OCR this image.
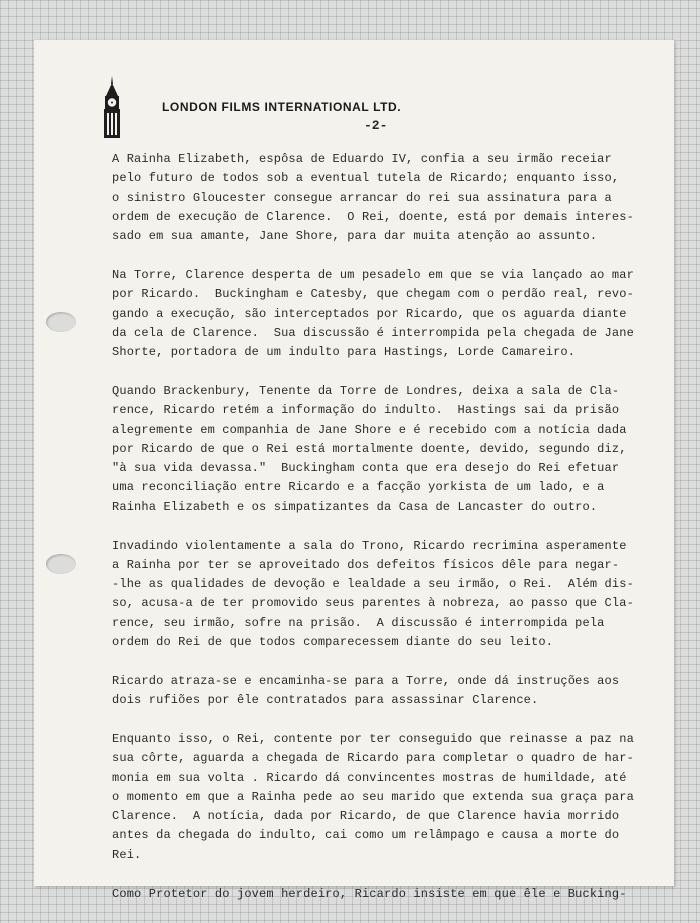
LONDON FILMS INTERNATIONAL LTD.
-2-

A Rainha Elizabeth, espôsa de Eduardo IV, confia a seu irmão receiar
pelo futuro de todos sob a eventual tutela de Ricardo; enquanto isso,
o sinistro Gloucester consegue arrancar do rei sua assinatura para a
ordem de execução de Clarence.  O Rei, doente, está por demais interes-
sado em sua amante, Jane Shore, para dar muita atenção ao assunto.

Na Torre, Clarence desperta de um pesadelo em que se via lançado ao mar
por Ricardo.  Buckingham e Catesby, que chegam com o perdão real, revo-
gando a execução, são interceptados por Ricardo, que os aguarda diante
da cela de Clarence.  Sua discussão é interrompida pela chegada de Jane
Shorte, portadora de um indulto para Hastings, Lorde Camareiro.

Quando Brackenbury, Tenente da Torre de Londres, deixa a sala de Cla-
rence, Ricardo retém a informação do indulto.  Hastings sai da prisão
alegremente em companhia de Jane Shore e é recebido com a notícia dada
por Ricardo de que o Rei está mortalmente doente, devido, segundo diz,
"à sua vida devassa."  Buckingham conta que era desejo do Rei efetuar
uma reconciliação entre Ricardo e a facção yorkista de um lado, e a
Rainha Elizabeth e os simpatizantes da Casa de Lancaster do outro.

Invadindo violentamente a sala do Trono, Ricardo recrimina asperamente
a Rainha por ter se aproveitado dos defeitos físicos dêle para negar-
-lhe as qualidades de devoção e lealdade a seu irmão, o Rei.  Além dis-
so, acusa-a de ter promovido seus parentes à nobreza, ao passo que Cla-
rence, seu irmão, sofre na prisão.  A discussão é interrompida pela
ordem do Rei de que todos comparecessem diante do seu leito.

Ricardo atraza-se e encaminha-se para a Torre, onde dá instruções aos
dois rufiões por êle contratados para assassinar Clarence.

Enquanto isso, o Rei, contente por ter conseguido que reinasse a paz na
sua côrte, aguarda a chegada de Ricardo para completar o quadro de har-
monia em sua volta . Ricardo dá convincentes mostras de humildade, até
o momento em que a Rainha pede ao seu marido que extenda sua graça para
Clarence.  A notícia, dada por Ricardo, de que Clarence havia morrido
antes da chegada do indulto, cai como um relâmpago e causa a morte do
Rei.

Como Protetor do jovem herdeiro, Ricardo insiste em que êle e Bucking-
